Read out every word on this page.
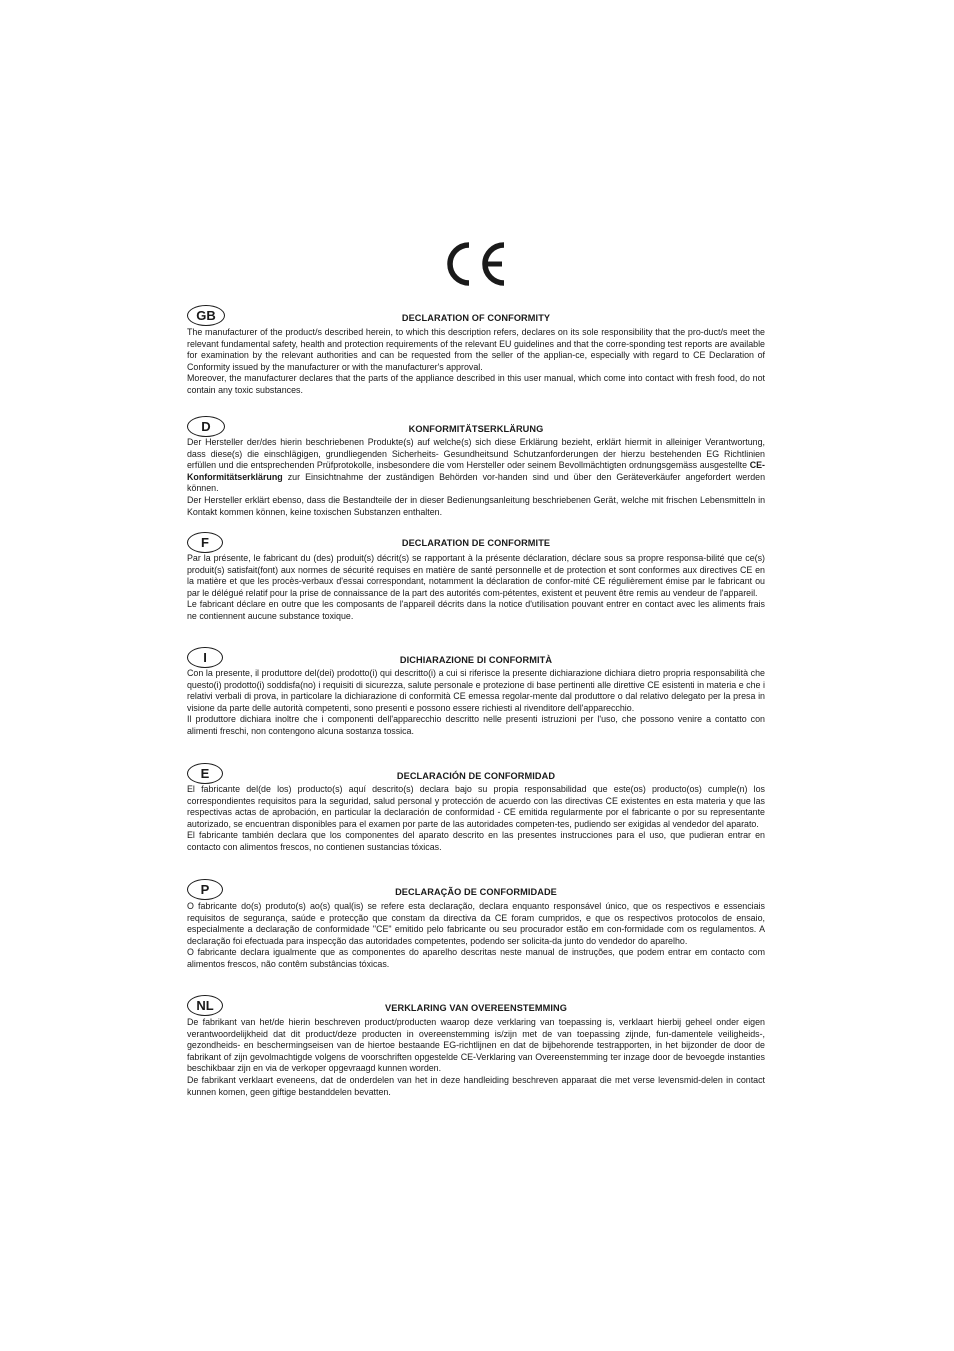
GB	DECLARATION OF CONFORMITY

The manufacturer of the product/s described herein, to which this description refers, declares on its sole responsibility that the pro-duct/s meet the relevant fundamental safety, health and protection requirements of the relevant EU guidelines and that the corre-sponding test reports are available for examination by the relevant authorities and can be requested from the seller of the applian-ce, especially with regard to CE Declaration of Conformity issued by the manufacturer or with the manufacturer's approval.

Moreover, the manufacturer declares that the parts of the appliance described in this user manual, which come into contact with fresh food, do not contain any toxic substances.

D	KONFORMITÄTSERKLÄRUNG

Der Hersteller der/des hierin beschriebenen Produkte(s) auf welche(s) sich diese Erklärung bezieht, erklärt hiermit in alleiniger Verantwortung, dass diese(s) die einschlägigen, grundliegenden Sicherheits- Gesundheitsund Schutzanforderungen der hierzu bestehenden EG Richtlinien erfüllen und die entsprechenden Prüfprotokolle, insbesondere die vom Hersteller oder seinem Bevollmächtigten ordnungsgemäss ausgestellte CE-Konformitätserklärung zur Einsichtnahme der zuständigen Behörden vor-handen sind und über den Geräteverkäufer angefordert werden können.

Der Hersteller erklärt ebenso, dass die Bestandteile der in dieser Bedienungsanleitung beschriebenen Gerät, welche mit frischen Lebensmitteln in Kontakt kommen können, keine toxischen Substanzen enthalten.

F	DECLARATION DE CONFORMITE

Par la présente, le fabricant du (des) produit(s) décrit(s) se rapportant à la présente déclaration, déclare sous sa propre responsa-bilité que ce(s) produit(s) satisfait(font) aux normes de sécurité requises en matière de santé personnelle et de protection et sont conformes aux directives CE en la matière et que les procès-verbaux d'essai correspondant, notamment la déclaration de confor-mité CE régulièrement émise par le fabricant ou par le délégué relatif pour la prise de connaissance de la part des autorités com-pétentes, existent et peuvent être remis au vendeur de l'appareil.

Le fabricant déclare en outre que les composants de l'appareil décrits dans la notice d'utilisation pouvant entrer en contact avec les aliments frais ne contiennent aucune substance toxique.

I	DICHIARAZIONE DI CONFORMITÀ

Con la presente, il produttore del(dei) prodotto(i) qui descritto(i) a cui si riferisce la presente dichiarazione dichiara dietro propria responsabilità che questo(i) prodotto(i) soddisfa(no) i requisiti di sicurezza, salute personale e protezione di base pertinenti alle direttive CE esistenti in materia e che i relativi verbali di prova, in particolare la dichiarazione di conformità CE emessa regolar-mente dal produttore o dal relativo delegato per la presa in visione da parte delle autorità competenti, sono presenti e possono essere richiesti al rivenditore dell'apparecchio.

Il produttore dichiara inoltre che i componenti dell'apparecchio descritto nelle presenti istruzioni per l'uso, che possono venire a contatto con alimenti freschi, non contengono alcuna sostanza tossica.

E	DECLARACIÓN DE CONFORMIDAD

El fabricante del(de los) producto(s) aquí descrito(s) declara bajo su propia responsabilidad que este(os) producto(os) cumple(n) los correspondientes requisitos para la seguridad, salud personal y protección de acuerdo con las directivas CE existentes en esta materia y que las respectivas actas de aprobación, en particular la declaración de conformidad - CE emitida regularmente por el fabricante o por su representante autorizado, se encuentran disponibles para el examen por parte de las autoridades competen-tes, pudiendo ser exigidas al vendedor del aparato.

El fabricante también declara que los componentes del aparato descrito en las presentes instrucciones para el uso, que pudieran entrar en contacto con alimentos frescos, no contienen sustancias tóxicas.

P	DECLARAÇÃO DE CONFORMIDADE

O fabricante do(s) produto(s) ao(s) qual(is) se refere esta declaração, declara enquanto responsável único, que os respectivos e essenciais requisitos de segurança, saúde e protecção que constam da directiva da CE foram cumpridos, e que os respectivos protocolos de ensaio, especialmente a declaração de conformidade "CE" emitido pelo fabricante ou seu procurador estão em con-formidade com os regulamentos. A declaração foi efectuada para inspecção das autoridades competentes, podendo ser solicita-da junto do vendedor do aparelho.

O fabricante declara igualmente que as componentes do aparelho descritas neste manual de instruções, que podem entrar em contacto com alimentos frescos, não contêm substâncias tóxicas.

NL	VERKLARING VAN OVEREENSTEMMING

De fabrikant van het/de hierin beschreven product/producten waarop deze verklaring van toepassing is, verklaart hierbij geheel onder eigen verantwoordelijkheid dat dit product/deze producten in overeenstemming is/zijn met de van toepassing zijnde, fun-damentele veiligheids-, gezondheids- en beschermingseisen van de hiertoe bestaande EG-richtlijnen en dat de bijbehorende testrapporten, in het bijzonder de door de fabrikant of zijn gevolmachtigde volgens de voorschriften opgestelde CE-Verklaring van Overeenstemming ter inzage door de bevoegde instanties beschikbaar zijn en via de verkoper opgevraagd kunnen worden.

De fabrikant verklaart eveneens, dat de onderdelen van het in deze handleiding beschreven apparaat die met verse levensmid-delen in contact kunnen komen, geen giftige bestanddelen bevatten.
